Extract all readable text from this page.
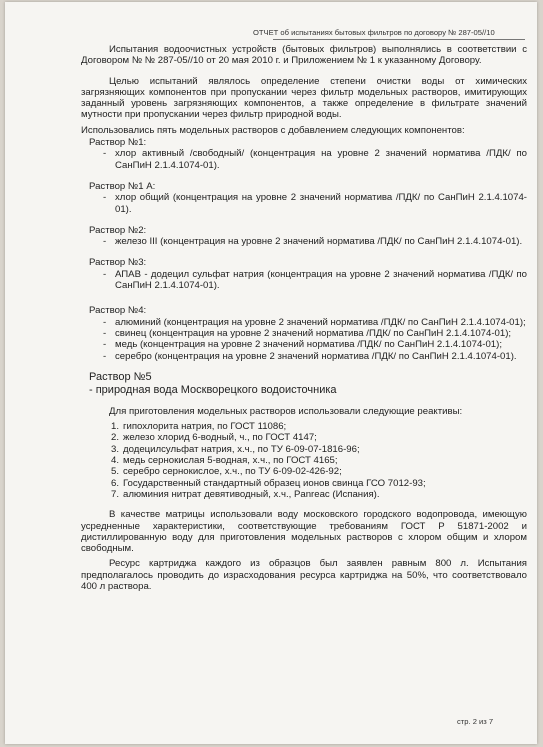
ОТЧЕТ об испытаниях бытовых фильтров по договору № 287-05//10

Испытания водоочистных устройств (бытовых фильтров) выполнялись в соответствии с Договором № № 287-05//10 от 20 мая 2010 г. и Приложением № 1 к указанному Договору.

Целью испытаний являлось определение степени очистки воды от химических загрязняющих компонентов при пропускании через фильтр модельных растворов, имитирующих заданный уровень загрязняющих компонентов, а также определение в фильтрате значений мутности при пропускании через фильтр природной воды.

Использовались пять модельных растворов с добавлением следующих компонентов:

Раствор №1:

- хлор активный /свободный/ (концентрация на уровне 2 значений норматива /ПДК/ по СанПиН 2.1.4.1074-01).

Раствор №1 А:

- хлор общий (концентрация на уровне 2 значений норматива /ПДК/ по СанПиН 2.1.4.1074-01).

Раствор №2:

- железо III (концентрация на уровне 2 значений норматива /ПДК/ по СанПиН 2.1.4.1074-01).

Раствор №3:

- АПАВ - додецил сульфат натрия (концентрация на уровне 2 значений норматива /ПДК/ по СанПиН 2.1.4.1074-01).

Раствор №4:

- алюминий (концентрация на уровне 2 значений норматива /ПДК/ по СанПиН 2.1.4.1074-01);
- свинец (концентрация на уровне 2 значений норматива /ПДК/ по СанПиН 2.1.4.1074-01);
- медь (концентрация на уровне 2 значений норматива /ПДК/ по СанПиН 2.1.4.1074-01);
- серебро (концентрация на уровне 2 значений норматива /ПДК/ по СанПиН 2.1.4.1074-01).

Раствор №5

- природная вода Москворецкого водоисточника

Для приготовления модельных растворов использовали следующие реактивы:

1. гипохлорита натрия, по ГОСТ 11086;
2. железо хлорид 6-водный, ч., по ГОСТ 4147;
3. додецилсульфат натрия, х.ч., по ТУ 6-09-07-1816-96;
4. медь сернокислая 5-водная, х.ч., по ГОСТ 4165;
5. серебро сернокислое, х.ч., по ТУ 6-09-02-426-92;
6. Государственный стандартный образец ионов свинца ГСО 7012-93;
7. алюминия нитрат девятиводный, х.ч., Panreac (Испания).

В качестве матрицы использовали воду московского городского водопровода, имеющую усредненные характеристики, соответствующие требованиям ГОСТ Р 51871-2002 и дистиллированную воду для приготовления модельных растворов с хлором общим и хлором свободным.

Ресурс картриджа каждого из образцов был заявлен равным 800 л. Испытания предполагалось проводить до израсходования ресурса картриджа на 50%, что соответствовало 400 л раствора.

стр. 2 из 7
